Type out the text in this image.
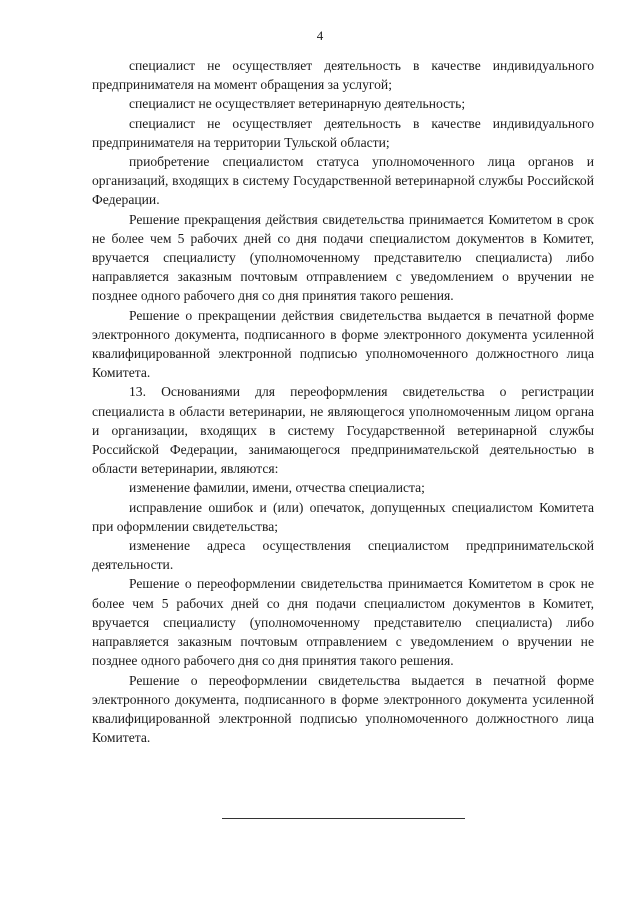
4

специалист не осуществляет деятельность в качестве индивидуального предпринимателя на момент обращения за услугой;

специалист не осуществляет ветеринарную деятельность;

специалист не осуществляет деятельность в качестве индивидуального предпринимателя на территории Тульской области;

приобретение специалистом статуса уполномоченного лица органов и организаций, входящих в систему Государственной ветеринарной службы Российской Федерации.

Решение прекращения действия свидетельства принимается Комитетом в срок не более чем 5 рабочих дней со дня подачи специалистом документов в Комитет, вручается специалисту (уполномоченному представителю специалиста) либо направляется заказным почтовым отправлением с уведомлением о вручении не позднее одного рабочего дня со дня принятия такого решения.

Решение о прекращении действия свидетельства выдается в печатной форме электронного документа, подписанного в форме электронного документа усиленной квалифицированной электронной подписью уполномоченного должностного лица Комитета.

13. Основаниями для переоформления свидетельства о регистрации специалиста в области ветеринарии, не являющегося уполномоченным лицом органа и организации, входящих в систему Государственной ветеринарной службы Российской Федерации, занимающегося предпринимательской деятельностью в области ветеринарии, являются:

изменение фамилии, имени, отчества специалиста;

исправление ошибок и (или) опечаток, допущенных специалистом Комитета при оформлении свидетельства;

изменение адреса осуществления специалистом предпринимательской деятельности.

Решение о переоформлении свидетельства принимается Комитетом в срок не более чем 5 рабочих дней со дня подачи специалистом документов в Комитет, вручается специалисту (уполномоченному представителю специалиста) либо направляется заказным почтовым отправлением с уведомлением о вручении не позднее одного рабочего дня со дня принятия такого решения.

Решение о переоформлении свидетельства выдается в печатной форме электронного документа, подписанного в форме электронного документа усиленной квалифицированной электронной подписью уполномоченного должностного лица Комитета.
